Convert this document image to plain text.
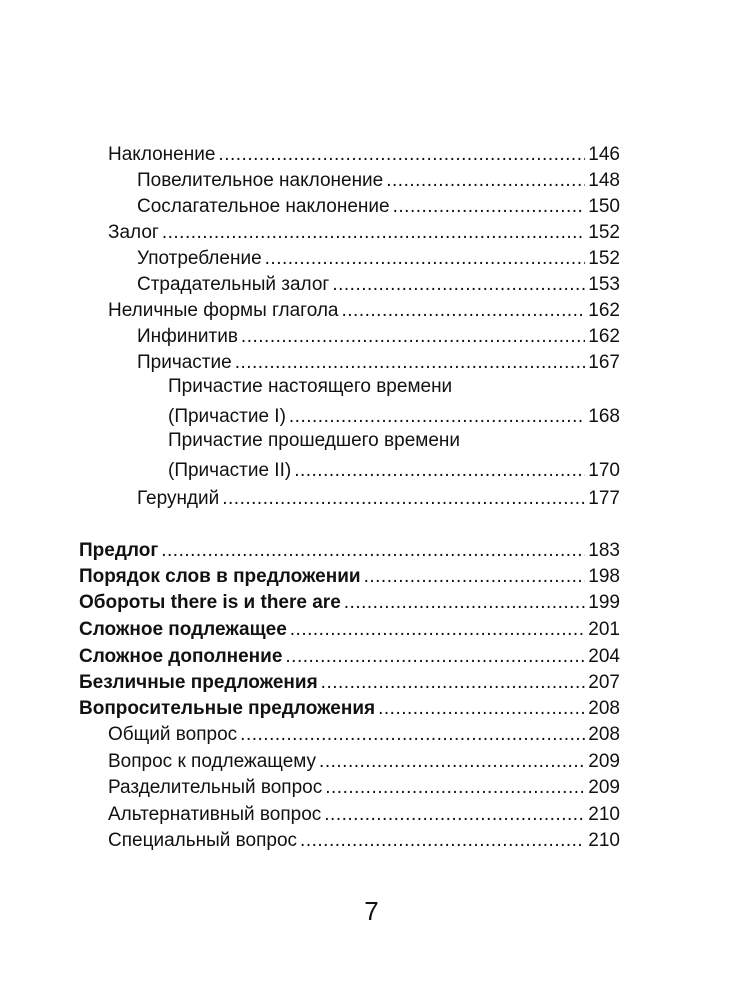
Наклонение .....	146
Повелительное наклонение .....	148
Сослагательное наклонение .....	150
Залог .....	152
Употребление .....	152
Страдательный залог .....	153
Неличные формы глагола .....	162
Инфинитив .....	162
Причастие .....	167
Причастие настоящего времени
(Причастие I) .....	168
Причастие прошедшего времени
(Причастие II) .....	170
Герундий .....	177
Предлог .....	183
Порядок слов в предложении .....	198
Обороты there is и there are .....	199
Сложное подлежащее .....	201
Сложное дополнение .....	204
Безличные предложения .....	207
Вопросительные предложения .....	208
Общий вопрос .....	208
Вопрос к подлежащему .....	209
Разделительный вопрос .....	209
Альтернативный вопрос .....	210
Специальный вопрос .....	210
7
